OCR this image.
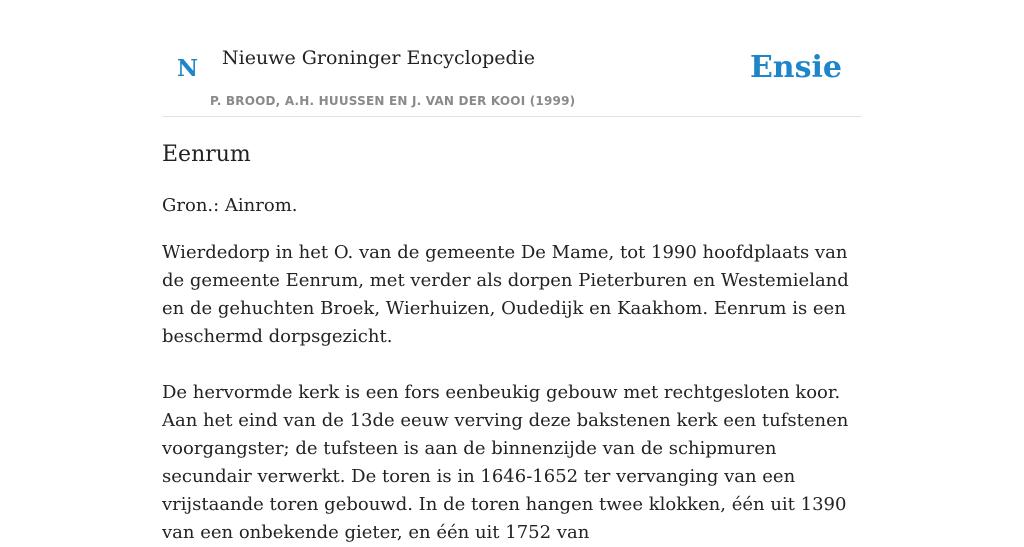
N Nieuwe Groninger Encyclopedie
P. BROOD, A.H. HUUSSEN EN J. VAN DER KOOI (1999)
Ensie
Eenrum

Gron.: Ainrom.

Wierdedorp in het O. van de gemeente De Mame, tot 1990 hoofdplaats van de gemeente Eenrum, met verder als dorpen Pieterburen en Westemieland en de gehuchten Broek, Wierhuizen, Oudedijk en Kaakhom. Eenrum is een beschermd dorpsgezicht.

De hervormde kerk is een fors eenbeukig gebouw met rechtgesloten koor. Aan het eind van de 13de eeuw verving deze bakstenen kerk een tufstenen voorgangster; de tufsteen is aan de binnenzijde van de schipmuren secundair verwerkt. De toren is in 1646-1652 ter vervanging van een vrijstaande toren gebouwd. In de toren hangen twee klokken, één uit 1390 van een onbekende gieter, en één uit 1752 van
